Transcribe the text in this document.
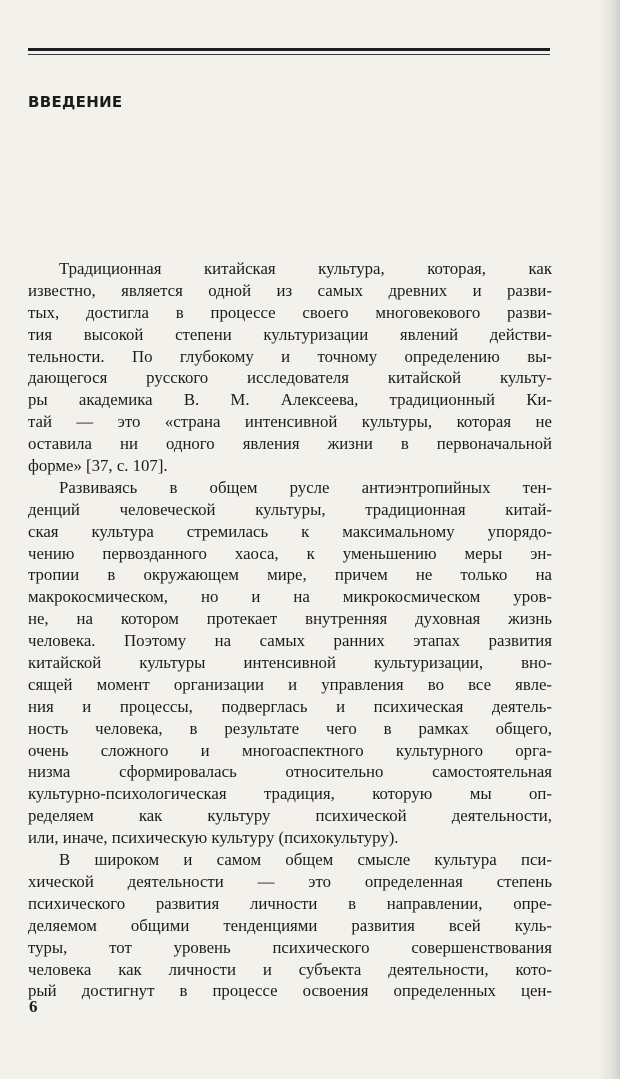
ВВЕДЕНИЕ
Традиционная китайская культура, которая, как
известно, является одной из самых древних и разви-
тых, достигла в процессе своего многовекового разви-
тия высокой степени культуризации явлений действи-
тельности. По глубокому и точному определению вы-
дающегося русского исследователя китайской культу-
ры академика В. М. Алексеева, традиционный Ки-
тай — это «страна интенсивной культуры, которая не
оставила ни одного явления жизни в первоначальной
форме» [37, с. 107].
Развиваясь в общем русле антиэнтропийных тен-
денций человеческой культуры, традиционная китай-
ская культура стремилась к максимальному упорядо-
чению первозданного хаоса, к уменьшению меры эн-
тропии в окружающем мире, причем не только на
макрокосмическом, но и на микрокосмическом уров-
не, на котором протекает внутренняя духовная жизнь
человека. Поэтому на самых ранних этапах развития
китайской культуры интенсивной культуризации, вно-
сящей момент организации и управления во все явле-
ния и процессы, подверглась и психическая деятель-
ность человека, в результате чего в рамках общего,
очень сложного и многоаспектного культурного орга-
низма сформировалась относительно самостоятельная
культурно-психологическая традиция, которую мы оп-
ределяем как культуру психической деятельности,
или, иначе, психическую культуру (психокультуру).
В широком и самом общем смысле культура пси-
хической деятельности — это определенная степень
психического развития личности в направлении, опре-
деляемом общими тенденциями развития всей куль-
туры, тот уровень психического совершенствования
человека как личности и субъекта деятельности, кото-
рый достигнут в процессе освоения определенных цен-
6
